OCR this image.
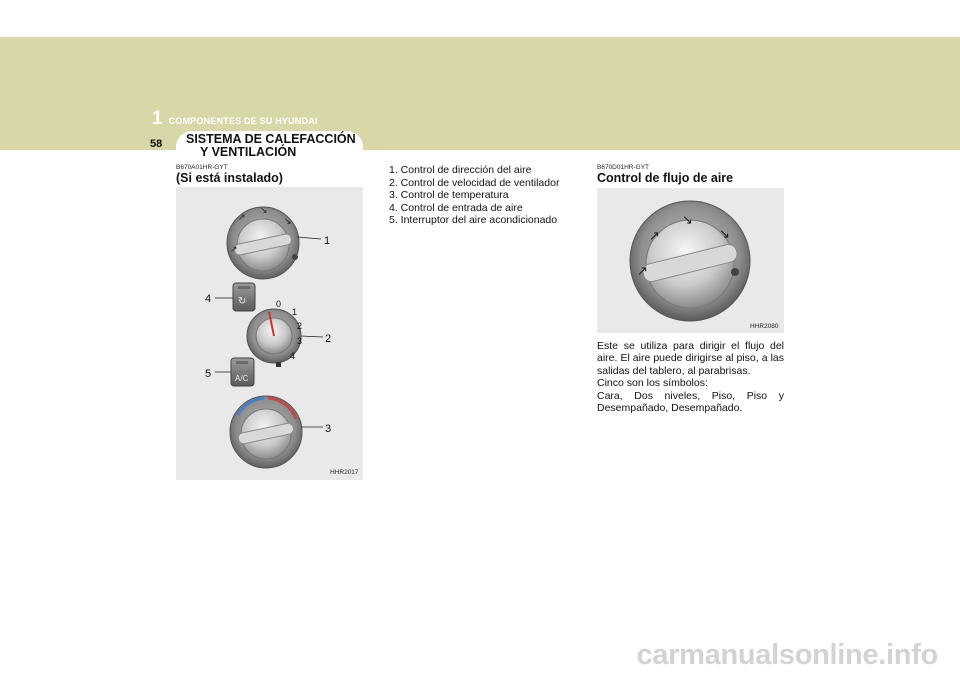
1 COMPONENTES DE SU HYUNDAI
58 SISTEMA DE CALEFACCIÓN
Y VENTILACIÓN
B670A01HR-GYT
(Si está instalado)
↗
↘
↘
↗
0
1
2
3
4
↻
A/C
1
2
3
4
5
HHR2017
1. Control de dirección del aire
2. Control de velocidad de ventilador
3. Control de temperatura
4. Control de entrada de aire
5. Interruptor del aire acondicionado
B670D01HR-GYT
Control de flujo de aire
↗
↘
↘
↗
HHR2080

Este se utiliza para dirigir el flujo del aire. El aire puede dirigirse al piso, a las salidas del tablero, al parabrisas.

Cinco son los símbolos:

Cara, Dos niveles, Piso, Piso y Desempañado, Desempañado.

carmanualsonline.info
